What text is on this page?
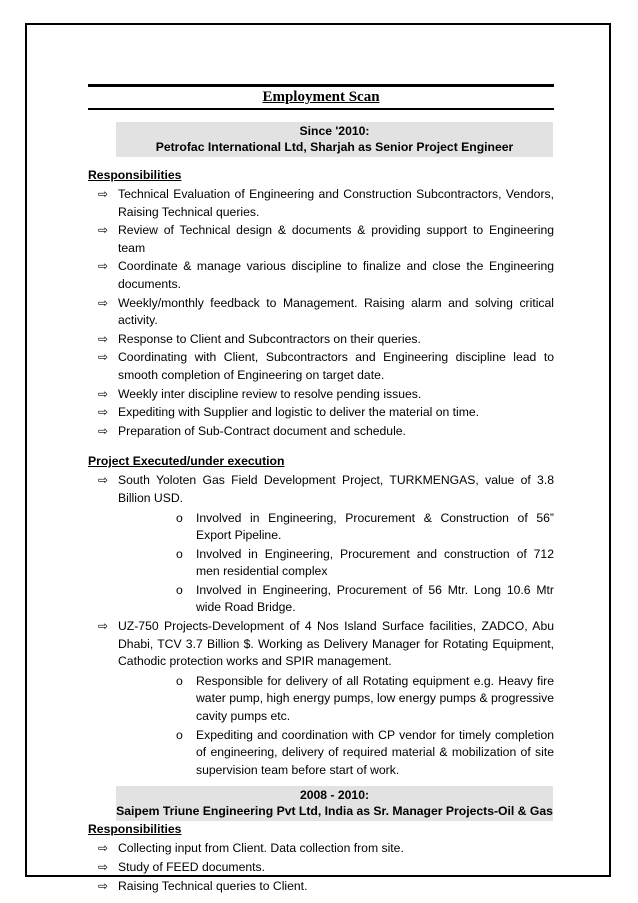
Employment Scan
Since '2010:
Petrofac International Ltd, Sharjah as Senior Project Engineer
Responsibilities
⇨ Technical Evaluation of Engineering and Construction Subcontractors, Vendors, Raising Technical queries.
⇨ Review of Technical design & documents & providing support to Engineering team
⇨ Coordinate & manage various discipline to finalize and close the Engineering documents.
⇨ Weekly/monthly feedback to Management. Raising alarm and solving critical activity.
⇨ Response to Client and Subcontractors on their queries.
⇨ Coordinating with Client, Subcontractors and Engineering discipline lead to smooth completion of Engineering on target date.
⇨ Weekly inter discipline review to resolve pending issues.
⇨ Expediting with Supplier and logistic to deliver the material on time.
⇨ Preparation of Sub-Contract document and schedule.
Project Executed/under execution
⇨ South Yoloten Gas Field Development Project, TURKMENGAS, value of 3.8 Billion USD.
o Involved in Engineering, Procurement & Construction of 56” Export Pipeline.
o Involved in Engineering, Procurement and construction of 712 men residential complex
o Involved in Engineering, Procurement of 56 Mtr. Long 10.6 Mtr wide Road Bridge.
⇨ UZ-750 Projects-Development of 4 Nos Island Surface facilities, ZADCO, Abu Dhabi, TCV 3.7 Billion $. Working as Delivery Manager for Rotating Equipment, Cathodic protection works and SPIR management.
o Responsible for delivery of all Rotating equipment e.g. Heavy fire water pump, high energy pumps, low energy pumps & progressive cavity pumps etc.
o Expediting and coordination with CP vendor for timely completion of engineering, delivery of required material & mobilization of site supervision team before start of work.
2008 - 2010:
Saipem Triune Engineering Pvt Ltd, India as Sr. Manager Projects-Oil & Gas
Responsibilities
⇨ Collecting input from Client. Data collection from site.
⇨ Study of FEED documents.
⇨ Raising Technical queries to Client.
